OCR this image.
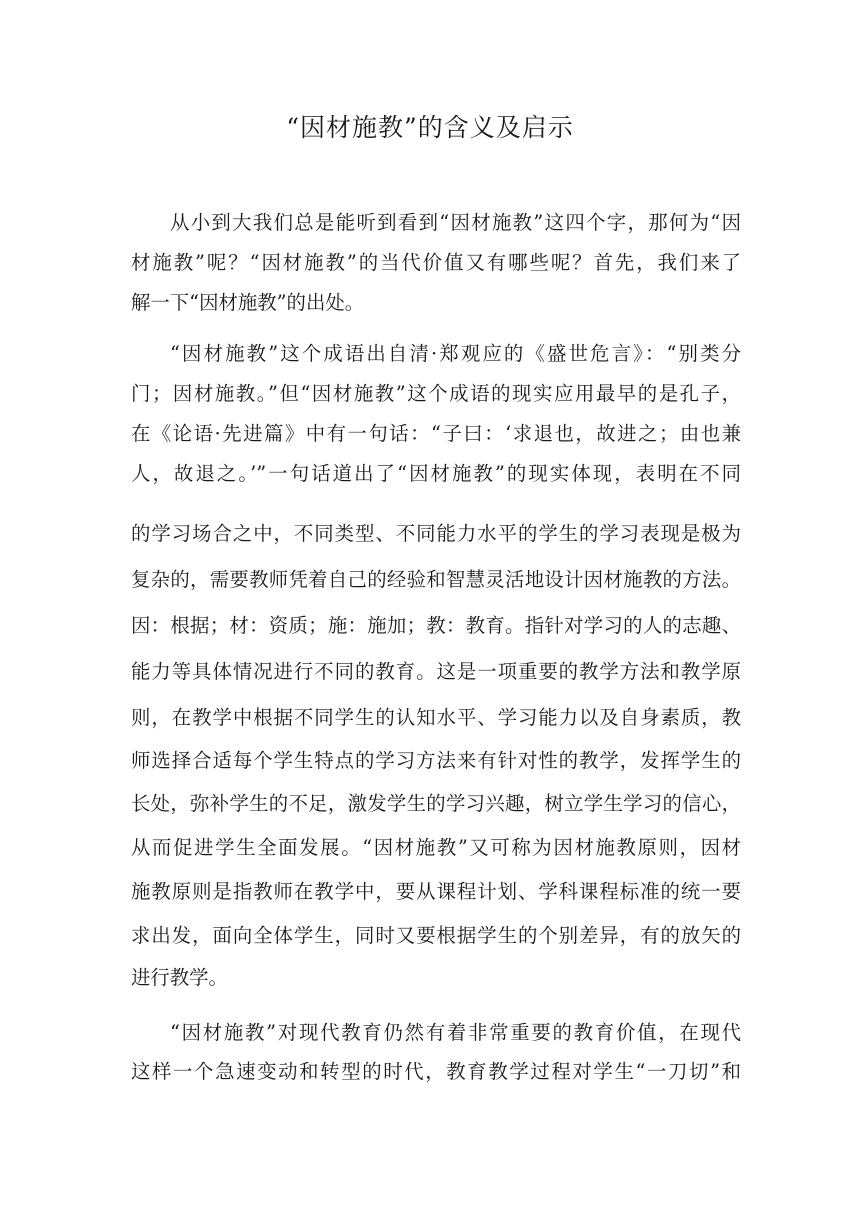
“因材施教”的含义及启示
从小到大我们总是能听到看到“因材施教”这四个字，那何为“因
材施教”呢？“因材施教”的当代价值又有哪些呢？首先，我们来了
解一下“因材施教”的出处。
“因材施教”这个成语出自清·郑观应的《盛世危言》：“别类分
门；因材施教。”但“因材施教”这个成语的现实应用最早的是孔子，
在《论语·先进篇》中有一句话：“子曰：‘求退也，故进之；由也兼
人，故退之。’”一句话道出了“因材施教”的现实体现，表明在不同
的学习场合之中，不同类型、不同能力水平的学生的学习表现是极为
复杂的，需要教师凭着自己的经验和智慧灵活地设计因材施教的方法。
因：根据；材：资质；施：施加；教：教育。指针对学习的人的志趣、
能力等具体情况进行不同的教育。这是一项重要的教学方法和教学原
则，在教学中根据不同学生的认知水平、学习能力以及自身素质，教
师选择合适每个学生特点的学习方法来有针对性的教学，发挥学生的
长处，弥补学生的不足，激发学生的学习兴趣，树立学生学习的信心，
从而促进学生全面发展。“因材施教”又可称为因材施教原则，因材
施教原则是指教师在教学中，要从课程计划、学科课程标准的统一要
求出发，面向全体学生，同时又要根据学生的个别差异，有的放矢的
进行教学。
“因材施教”对现代教育仍然有着非常重要的教育价值，在现代
这样一个急速变动和转型的时代，教育教学过程对学生“一刀切”和
